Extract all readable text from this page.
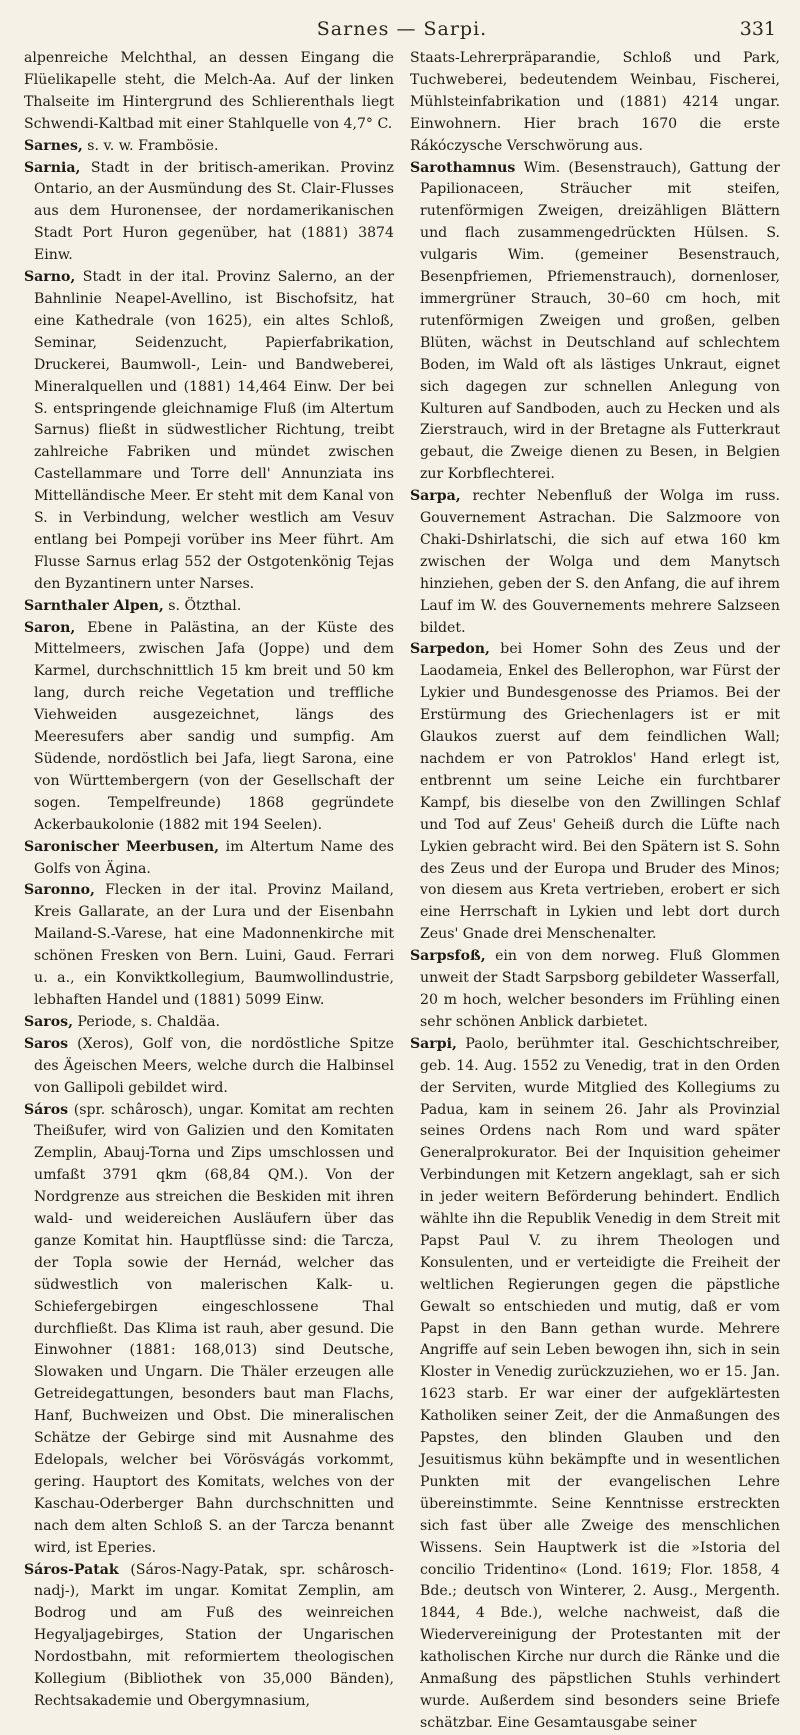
Sarnes — Sarpi.	331

alpenreiche Melchthal, an dessen Eingang die Flüelikapelle steht, die Melch-Aa. Auf der linken Thalseite im Hintergrund des Schlierenthals liegt Schwendi-Kaltbad mit einer Stahlquelle von 4,7° C.

Sarnes, s. v. w. Frambösie.

Sarnia, Stadt in der britisch-amerikan. Provinz Ontario, an der Ausmündung des St. Clair-Flusses aus dem Huronensee, der nordamerikanischen Stadt Port Huron gegenüber, hat (1881) 3874 Einw.

Sarno, Stadt in der ital. Provinz Salerno, an der Bahnlinie Neapel-Avellino, ist Bischofsitz, hat eine Kathedrale (von 1625), ein altes Schloß, Seminar, Seidenzucht, Papierfabrikation, Druckerei, Baumwoll-, Lein- und Bandweberei, Mineralquellen und (1881) 14,464 Einw. Der bei S. entspringende gleichnamige Fluß (im Altertum Sarnus) fließt in südwestlicher Richtung, treibt zahlreiche Fabriken und mündet zwischen Castellammare und Torre dell' Annunziata ins Mittelländische Meer. Er steht mit dem Kanal von S. in Verbindung, welcher westlich am Vesuv entlang bei Pompeji vorüber ins Meer führt. Am Flusse Sarnus erlag 552 der Ostgotenkönig Tejas den Byzantinern unter Narses.

Sarnthaler Alpen, s. Ötzthal.

Saron, Ebene in Palästina, an der Küste des Mittelmeers, zwischen Jafa (Joppe) und dem Karmel, durchschnittlich 15 km breit und 50 km lang, durch reiche Vegetation und treffliche Viehweiden ausgezeichnet, längs des Meeresufers aber sandig und sumpfig. Am Südende, nordöstlich bei Jafa, liegt Sarona, eine von Württembergern (von der Gesellschaft der sogen. Tempelfreunde) 1868 gegründete Ackerbaukolonie (1882 mit 194 Seelen).

Saronischer Meerbusen, im Altertum Name des Golfs von Ägina.

Saronno, Flecken in der ital. Provinz Mailand, Kreis Gallarate, an der Lura und der Eisenbahn Mailand-S.-Varese, hat eine Madonnenkirche mit schönen Fresken von Bern. Luini, Gaud. Ferrari u. a., ein Konviktkollegium, Baumwollindustrie, lebhaften Handel und (1881) 5099 Einw.

Saros, Periode, s. Chaldäa.

Saros (Xeros), Golf von, die nordöstliche Spitze des Ägeischen Meers, welche durch die Halbinsel von Gallipoli gebildet wird.

Sáros (spr. schârosch), ungar. Komitat am rechten Theißufer, wird von Galizien und den Komitaten Zemplin, Abauj-Torna und Zips umschlossen und umfaßt 3791 qkm (68,84 QM.). Von der Nordgrenze aus streichen die Beskiden mit ihren wald- und weidereichen Ausläufern über das ganze Komitat hin. Hauptflüsse sind: die Tarcza, der Topla sowie der Hernád, welcher das südwestlich von malerischen Kalk- u. Schiefergebirgen eingeschlossene Thal durchfließt. Das Klima ist rauh, aber gesund. Die Einwohner (1881: 168,013) sind Deutsche, Slowaken und Ungarn. Die Thäler erzeugen alle Getreidegattungen, besonders baut man Flachs, Hanf, Buchweizen und Obst. Die mineralischen Schätze der Gebirge sind mit Ausnahme des Edelopals, welcher bei Vörösvágás vorkommt, gering. Hauptort des Komitats, welches von der Kaschau-Oderberger Bahn durchschnitten und nach dem alten Schloß S. an der Tarcza benannt wird, ist Eperies.

Sáros-Patak (Sáros-Nagy-Patak, spr. schârosch-nadj-), Markt im ungar. Komitat Zemplin, am Bodrog und am Fuß des weinreichen Hegyaljagebirges, Station der Ungarischen Nordostbahn, mit reformiertem theologischen Kollegium (Bibliothek von 35,000 Bänden), Rechtsakademie und Obergymnasium,

Staats-Lehrerpräparandie, Schloß und Park, Tuchweberei, bedeutendem Weinbau, Fischerei, Mühlsteinfabrikation und (1881) 4214 ungar. Einwohnern. Hier brach 1670 die erste Rákóczysche Verschwörung aus.

Sarothamnus Wim. (Besenstrauch), Gattung der Papilionaceen, Sträucher mit steifen, rutenförmigen Zweigen, dreizähligen Blättern und flach zusammengedrückten Hülsen. S. vulgaris Wim. (gemeiner Besenstrauch, Besenpfriemen, Pfriemenstrauch), dornenloser, immergrüner Strauch, 30–60 cm hoch, mit rutenförmigen Zweigen und großen, gelben Blüten, wächst in Deutschland auf schlechtem Boden, im Wald oft als lästiges Unkraut, eignet sich dagegen zur schnellen Anlegung von Kulturen auf Sandboden, auch zu Hecken und als Zierstrauch, wird in der Bretagne als Futterkraut gebaut, die Zweige dienen zu Besen, in Belgien zur Korbflechterei.

Sarpa, rechter Nebenfluß der Wolga im russ. Gouvernement Astrachan. Die Salzmoore von Chaki-Dshirlatschi, die sich auf etwa 160 km zwischen der Wolga und dem Manytsch hinziehen, geben der S. den Anfang, die auf ihrem Lauf im W. des Gouvernements mehrere Salzseen bildet.

Sarpedon, bei Homer Sohn des Zeus und der Laodameia, Enkel des Bellerophon, war Fürst der Lykier und Bundesgenosse des Priamos. Bei der Erstürmung des Griechenlagers ist er mit Glaukos zuerst auf dem feindlichen Wall; nachdem er von Patroklos' Hand erlegt ist, entbrennt um seine Leiche ein furchtbarer Kampf, bis dieselbe von den Zwillingen Schlaf und Tod auf Zeus' Geheiß durch die Lüfte nach Lykien gebracht wird. Bei den Spätern ist S. Sohn des Zeus und der Europa und Bruder des Minos; von diesem aus Kreta vertrieben, erobert er sich eine Herrschaft in Lykien und lebt dort durch Zeus' Gnade drei Menschenalter.

Sarpsfoß, ein von dem norweg. Fluß Glommen unweit der Stadt Sarpsborg gebildeter Wasserfall, 20 m hoch, welcher besonders im Frühling einen sehr schönen Anblick darbietet.

Sarpi, Paolo, berühmter ital. Geschichtschreiber, geb. 14. Aug. 1552 zu Venedig, trat in den Orden der Serviten, wurde Mitglied des Kollegiums zu Padua, kam in seinem 26. Jahr als Provinzial seines Ordens nach Rom und ward später Generalprokurator. Bei der Inquisition geheimer Verbindungen mit Ketzern angeklagt, sah er sich in jeder weitern Beförderung behindert. Endlich wählte ihn die Republik Venedig in dem Streit mit Papst Paul V. zu ihrem Theologen und Konsulenten, und er verteidigte die Freiheit der weltlichen Regierungen gegen die päpstliche Gewalt so entschieden und mutig, daß er vom Papst in den Bann gethan wurde. Mehrere Angriffe auf sein Leben bewogen ihn, sich in sein Kloster in Venedig zurückzuziehen, wo er 15. Jan. 1623 starb. Er war einer der aufgeklärtesten Katholiken seiner Zeit, der die Anmaßungen des Papstes, den blinden Glauben und den Jesuitismus kühn bekämpfte und in wesentlichen Punkten mit der evangelischen Lehre übereinstimmte. Seine Kenntnisse erstreckten sich fast über alle Zweige des menschlichen Wissens. Sein Hauptwerk ist die »Istoria del concilio Tridentino« (Lond. 1619; Flor. 1858, 4 Bde.; deutsch von Winterer, 2. Ausg., Mergenth. 1844, 4 Bde.), welche nachweist, daß die Wiedervereinigung der Protestanten mit der katholischen Kirche nur durch die Ränke und die Anmaßung des päpstlichen Stuhls verhindert wurde. Außerdem sind besonders seine Briefe schätzbar. Eine Gesamtausgabe seiner
